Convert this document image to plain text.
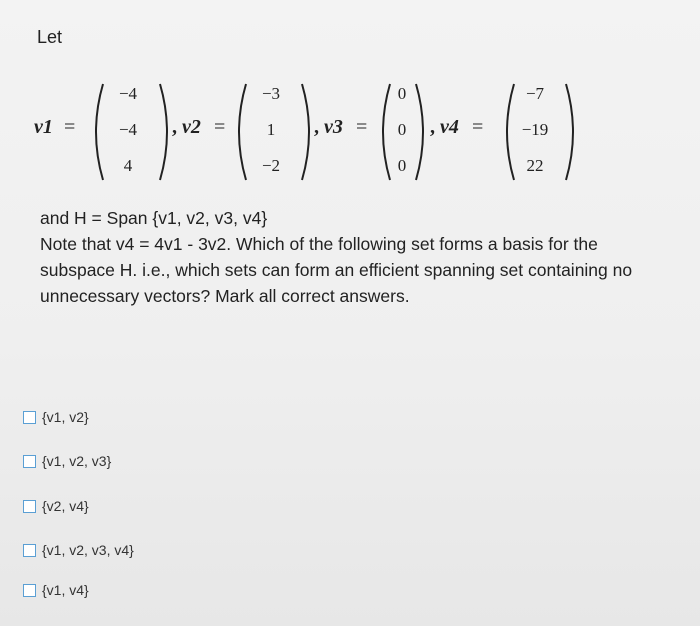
Let
v1 =
−4
−4
4
, v2 =
−3
1
−2
, v3 =
0
0
0
, v4 =
−7
−19
22
and H = Span {v1, v2, v3, v4}
Note that v4 = 4v1 - 3v2. Which of the following set forms a basis for the
subspace H. i.e., which sets can form an efficient spanning set containing no
unnecessary vectors? Mark all correct answers.
{v1, v2}
{v1, v2, v3}
{v2, v4}
{v1, v2, v3, v4}
{v1, v4}
